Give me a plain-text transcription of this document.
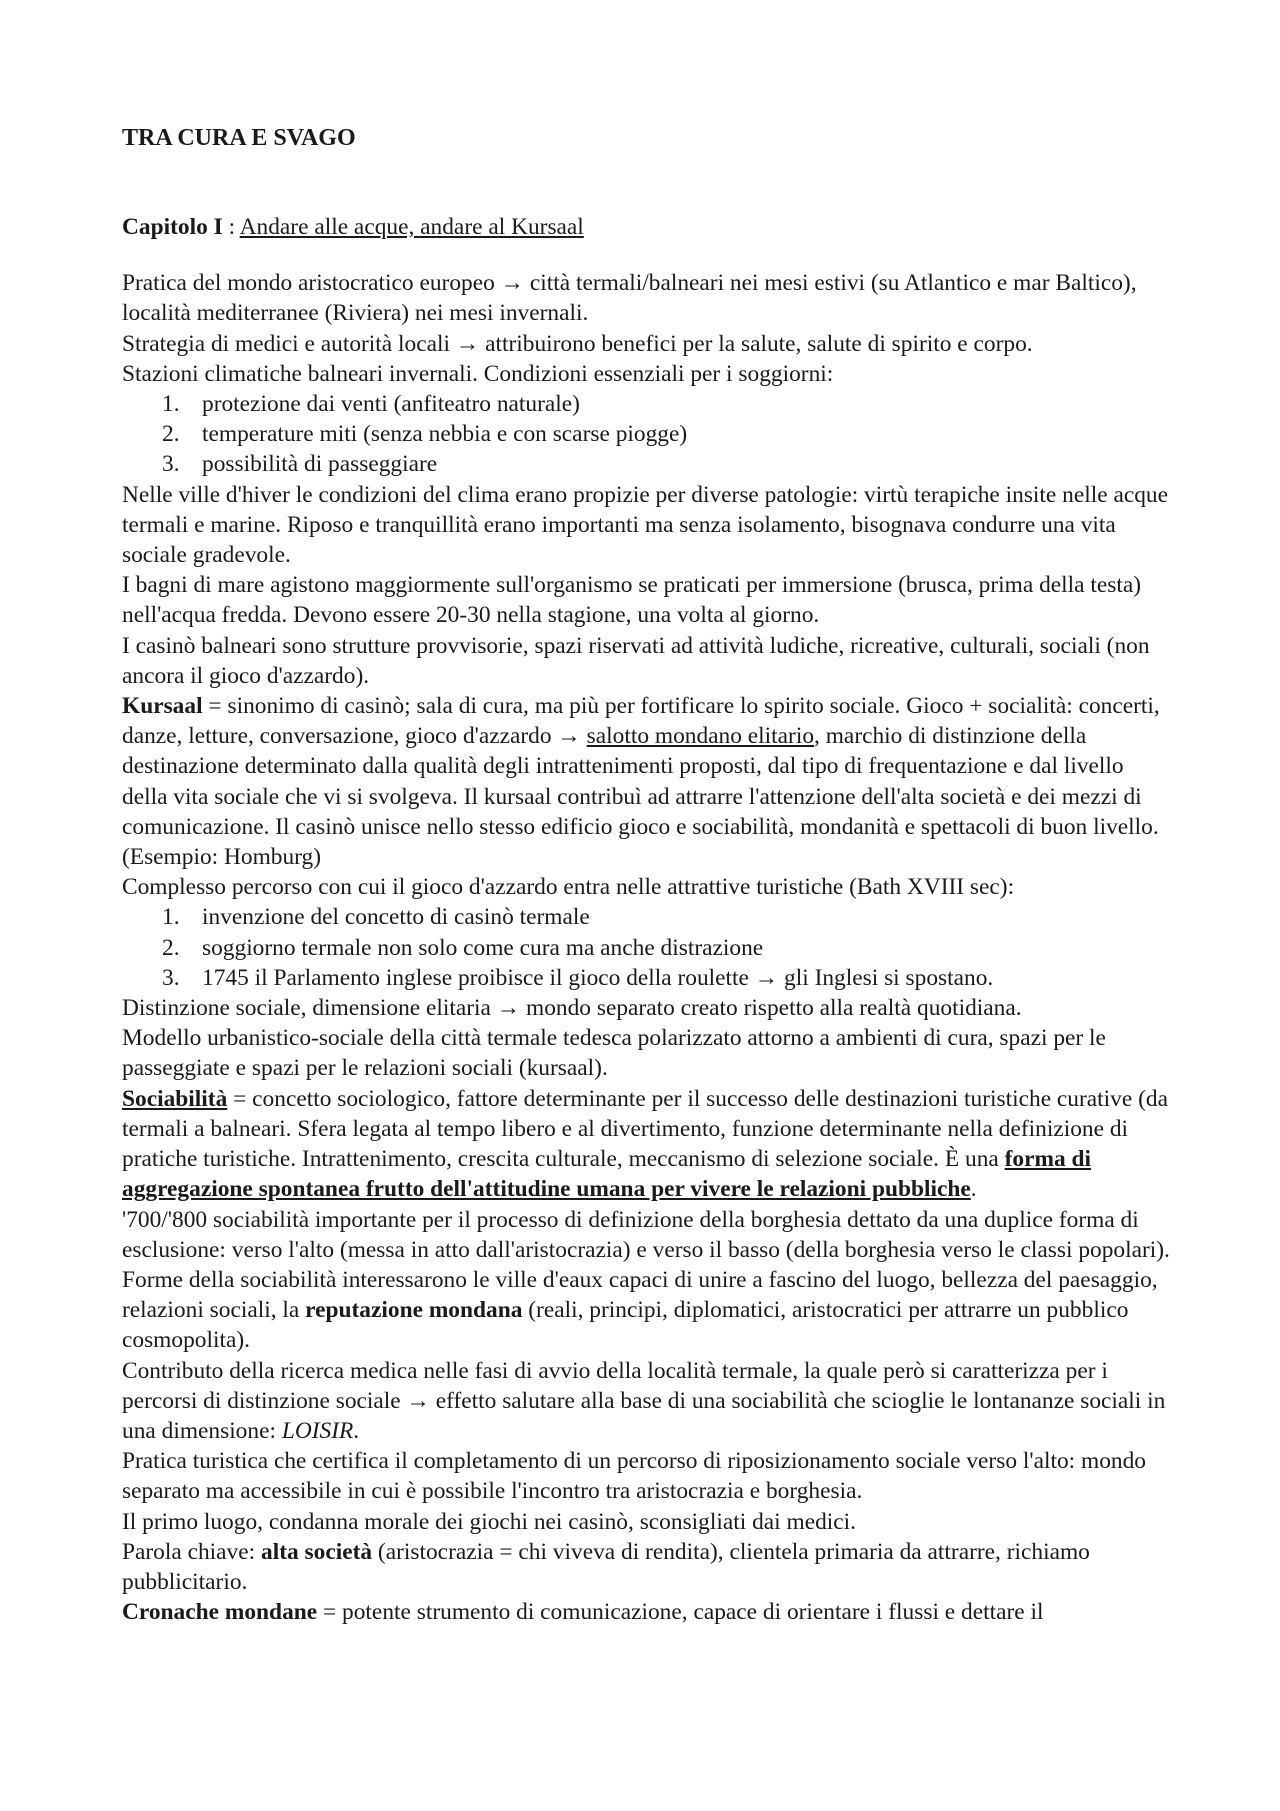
TRA CURA E SVAGO

Capitolo I : Andare alle acque, andare al Kursaal

Pratica del mondo aristocratico europeo → città termali/balneari nei mesi estivi (su Atlantico e mar Baltico), località mediterranee (Riviera) nei mesi invernali.

Strategia di medici e autorità locali → attribuirono benefici per la salute, salute di spirito e corpo.

Stazioni climatiche balneari invernali. Condizioni essenziali per i soggiorni:

1. protezione dai venti (anfiteatro naturale)
2. temperature miti (senza nebbia e con scarse piogge)
3. possibilità di passeggiare

Nelle ville d'hiver le condizioni del clima erano propizie per diverse patologie: virtù terapiche insite nelle acque termali e marine. Riposo e tranquillità erano importanti ma senza isolamento, bisognava condurre una vita sociale gradevole.

I bagni di mare agistono maggiormente sull'organismo se praticati per immersione (brusca, prima della testa) nell'acqua fredda. Devono essere 20-30 nella stagione, una volta al giorno.

I casinò balneari sono strutture provvisorie, spazi riservati ad attività ludiche, ricreative, culturali, sociali (non ancora il gioco d'azzardo).

Kursaal = sinonimo di casinò; sala di cura, ma più per fortificare lo spirito sociale. Gioco + socialità: concerti, danze, letture, conversazione, gioco d'azzardo → salotto mondano elitario, marchio di distinzione della destinazione determinato dalla qualità degli intrattenimenti proposti, dal tipo di frequentazione e dal livello della vita sociale che vi si svolgeva. Il kursaal contribuì ad attrarre l'attenzione dell'alta società e dei mezzi di comunicazione. Il casinò unisce nello stesso edificio gioco e sociabilità, mondanità e spettacoli di buon livello. (Esempio: Homburg)

Complesso percorso con cui il gioco d'azzardo entra nelle attrattive turistiche (Bath XVIII sec):

1. invenzione del concetto di casinò termale
2. soggiorno termale non solo come cura ma anche distrazione
3. 1745 il Parlamento inglese proibisce il gioco della roulette → gli Inglesi si spostano.

Distinzione sociale, dimensione elitaria → mondo separato creato rispetto alla realtà quotidiana.

Modello urbanistico-sociale della città termale tedesca polarizzato attorno a ambienti di cura, spazi per le passeggiate e spazi per le relazioni sociali (kursaal).

Sociabilità = concetto sociologico, fattore determinante per il successo delle destinazioni turistiche curative (da termali a balneari. Sfera legata al tempo libero e al divertimento, funzione determinante nella definizione di pratiche turistiche. Intrattenimento, crescita culturale, meccanismo di selezione sociale. È una forma di aggregazione spontanea frutto dell'attitudine umana per vivere le relazioni pubbliche.

'700/'800 sociabilità importante per il processo di definizione della borghesia dettato da una duplice forma di esclusione: verso l'alto (messa in atto dall'aristocrazia) e verso il basso (della borghesia verso le classi popolari).

Forme della sociabilità interessarono le ville d'eaux capaci di unire a fascino del luogo, bellezza del paesaggio, relazioni sociali, la reputazione mondana (reali, principi, diplomatici, aristocratici per attrarre un pubblico cosmopolita).

Contributo della ricerca medica nelle fasi di avvio della località termale, la quale però si caratterizza per i percorsi di distinzione sociale → effetto salutare alla base di una sociabilità che scioglie le lontananze sociali in una dimensione: LOISIR.

Pratica turistica che certifica il completamento di un percorso di riposizionamento sociale verso l'alto: mondo separato ma accessibile in cui è possibile l'incontro tra aristocrazia e borghesia.

Il primo luogo, condanna morale dei giochi nei casinò, sconsigliati dai medici.

Parola chiave: alta società (aristocrazia = chi viveva di rendita), clientela primaria da attrarre, richiamo pubblicitario.

Cronache mondane = potente strumento di comunicazione, capace di orientare i flussi e dettare il
